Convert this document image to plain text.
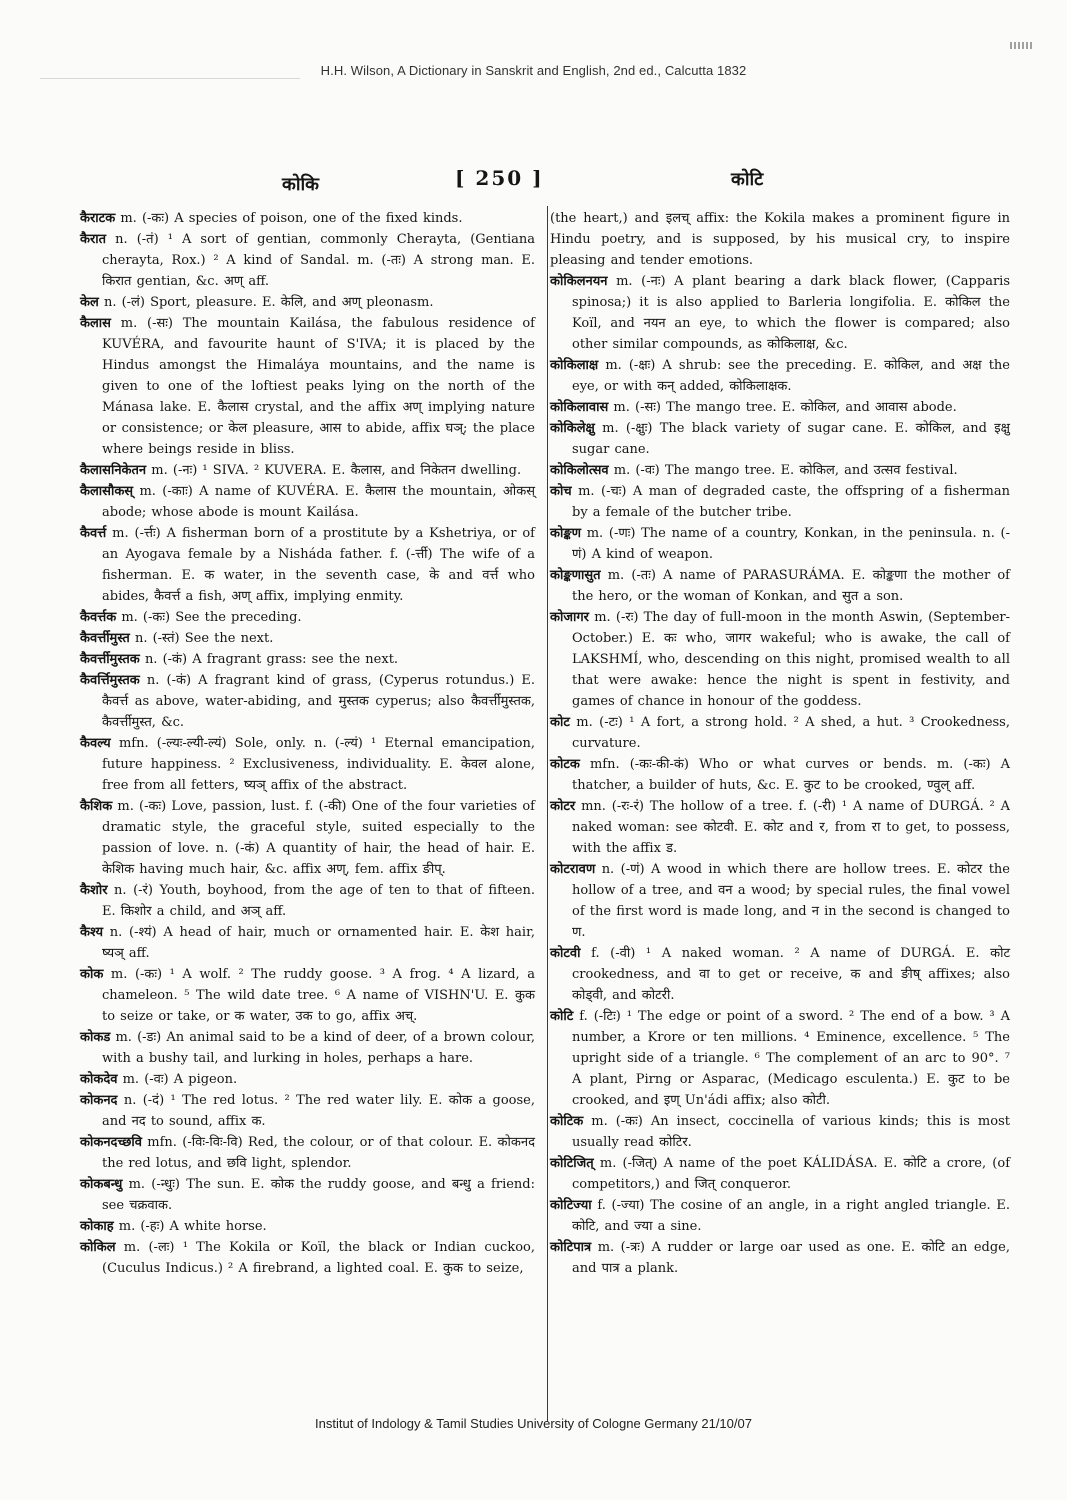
H.H. Wilson, A Dictionary in Sanskrit and English, 2nd ed., Calcutta 1832
कोकि	[ 250 ]	कोटि

कैराटक m. (-कः) A species of poison, one of the fixed kinds.

कैरात n. (-तं) ¹ A sort of gentian, commonly Cherayta, (Gentiana cherayta, Rox.) ² A kind of Sandal. m. (-तः) A strong man. E. किरात gentian, &c. अण् aff.

केल n. (-लं) Sport, pleasure. E. केलि, and अण् pleonasm.

कैलास m. (-सः) The mountain Kailása, the fabulous residence of KUVÉRA, and favourite haunt of S'IVA; it is placed by the Hindus amongst the Himaláya mountains, and the name is given to one of the loftiest peaks lying on the north of the Mánasa lake. E. कैलास crystal, and the affix अण् implying nature or consistence; or केल pleasure, आस to abide, affix घञ्; the place where beings reside in bliss.

कैलासनिकेतन m. (-नः) ¹ SIVA. ² KUVERA. E. कैलास, and निकेतन dwelling.

कैलासौकस् m. (-काः) A name of KUVÉRA. E. कैलास the mountain, ओकस् abode; whose abode is mount Kailása.

कैवर्त्त m. (-र्त्तः) A fisherman born of a prostitute by a Kshetriya, or of an Ayogava female by a Nisháda father. f. (-र्त्ती) The wife of a fisherman. E. क water, in the seventh case, के and वर्त्त who abides, कैवर्त्त a fish, अण् affix, implying enmity.

कैवर्त्तक m. (-कः) See the preceding.

कैवर्त्तीमुस्त n. (-स्तं) See the next.

कैवर्त्तीमुस्तक n. (-कं) A fragrant grass: see the next.

कैवर्त्तिमुस्तक n. (-कं) A fragrant kind of grass, (Cyperus rotundus.) E. कैवर्त्त as above, water-abiding, and मुस्तक cyperus; also कैवर्त्तीमुस्तक, कैवर्त्तीमुस्त, &c.

कैवल्य mfn. (-ल्यः-ल्यी-ल्यं) Sole, only. n. (-ल्यं) ¹ Eternal emancipation, future happiness. ² Exclusiveness, individuality. E. केवल alone, free from all fetters, ष्यञ् affix of the abstract.

कैशिक m. (-कः) Love, passion, lust. f. (-की) One of the four varieties of dramatic style, the graceful style, suited especially to the passion of love. n. (-कं) A quantity of hair, the head of hair. E. केशिक having much hair, &c. affix अण्, fem. affix ङीप्.

कैशोर n. (-रं) Youth, boyhood, from the age of ten to that of fifteen. E. किशोर a child, and अञ् aff.

कैश्य n. (-श्यं) A head of hair, much or ornamented hair. E. केश hair, ष्यञ् aff.

कोक m. (-कः) ¹ A wolf. ² The ruddy goose. ³ A frog. ⁴ A lizard, a chameleon. ⁵ The wild date tree. ⁶ A name of VISHN'U. E. कुक to seize or take, or क water, उक to go, affix अच्.

कोकड m. (-डः) An animal said to be a kind of deer, of a brown colour, with a bushy tail, and lurking in holes, perhaps a hare.

कोकदेव m. (-वः) A pigeon.

कोकनद n. (-दं) ¹ The red lotus. ² The red water lily. E. कोक a goose, and नद to sound, affix क.

कोकनदच्छवि mfn. (-विः-विः-वि) Red, the colour, or of that colour. E. कोकनद the red lotus, and छवि light, splendor.

कोकबन्धु m. (-न्धुः) The sun. E. कोक the ruddy goose, and बन्धु a friend: see चक्रवाक.

कोकाह m. (-हः) A white horse.

कोकिल m. (-लः) ¹ The Kokila or Koïl, the black or Indian cuckoo, (Cuculus Indicus.) ² A firebrand, a lighted coal. E. कुक to seize,

(the heart,) and इलच् affix: the Kokila makes a prominent figure in Hindu poetry, and is supposed, by his musical cry, to inspire pleasing and tender emotions.

कोकिलनयन m. (-नः) A plant bearing a dark black flower, (Capparis spinosa;) it is also applied to Barleria longifolia. E. कोकिल the Koïl, and नयन an eye, to which the flower is compared; also other similar compounds, as कोकिलाक्ष, &c.

कोकिलाक्ष m. (-क्षः) A shrub: see the preceding. E. कोकिल, and अक्ष the eye, or with कन् added, कोकिलाक्षक.

कोकिलावास m. (-सः) The mango tree. E. कोकिल, and आवास abode.

कोकिलेक्षु m. (-क्षुः) The black variety of sugar cane. E. कोकिल, and इक्षु sugar cane.

कोकिलोत्सव m. (-वः) The mango tree. E. कोकिल, and उत्सव festival.

कोच m. (-चः) A man of degraded caste, the offspring of a fisherman by a female of the butcher tribe.

कोङ्कण m. (-णः) The name of a country, Konkan, in the peninsula. n. (-णं) A kind of weapon.

कोङ्कणासुत m. (-तः) A name of PARASURÁMA. E. कोङ्कणा the mother of the hero, or the woman of Konkan, and सुत a son.

कोजागर m. (-रः) The day of full-moon in the month Aswin, (September-October.) E. कः who, जागर wakeful; who is awake, the call of LAKSHMÍ, who, descending on this night, promised wealth to all that were awake: hence the night is spent in festivity, and games of chance in honour of the goddess.

कोट m. (-टः) ¹ A fort, a strong hold. ² A shed, a hut. ³ Crookedness, curvature.

कोटक mfn. (-कः-की-कं) Who or what curves or bends. m. (-कः) A thatcher, a builder of huts, &c. E. कुट to be crooked, ण्वुल् aff.

कोटर mn. (-रः-रं) The hollow of a tree. f. (-री) ¹ A name of DURGÁ. ² A naked woman: see कोटवी. E. कोट and र, from रा to get, to possess, with the affix ड.

कोटरावण n. (-णं) A wood in which there are hollow trees. E. कोटर the hollow of a tree, and वन a wood; by special rules, the final vowel of the first word is made long, and न in the second is changed to ण.

कोटवी f. (-वी) ¹ A naked woman. ² A name of DURGÁ. E. कोट crookedness, and वा to get or receive, क and ङीष् affixes; also कोड्वी, and कोटरी.

कोटि f. (-टिः) ¹ The edge or point of a sword. ² The end of a bow. ³ A number, a Krore or ten millions. ⁴ Eminence, excellence. ⁵ The upright side of a triangle. ⁶ The complement of an arc to 90°. ⁷ A plant, Pirng or Asparac, (Medicago esculenta.) E. कुट to be crooked, and इण् Un'ádi affix; also कोटी.

कोटिक m. (-कः) An insect, coccinella of various kinds; this is most usually read कोटिर.

कोटिजित् m. (-जित्) A name of the poet KÁLIDÁSA. E. कोटि a crore, (of competitors,) and जित् conqueror.

कोटिज्या f. (-ज्या) The cosine of an angle, in a right angled triangle. E. कोटि, and ज्या a sine.

कोटिपात्र m. (-त्रः) A rudder or large oar used as one. E. कोटि an edge, and पात्र a plank.

Institut of Indology & Tamil Studies University of Cologne Germany 21/10/07
